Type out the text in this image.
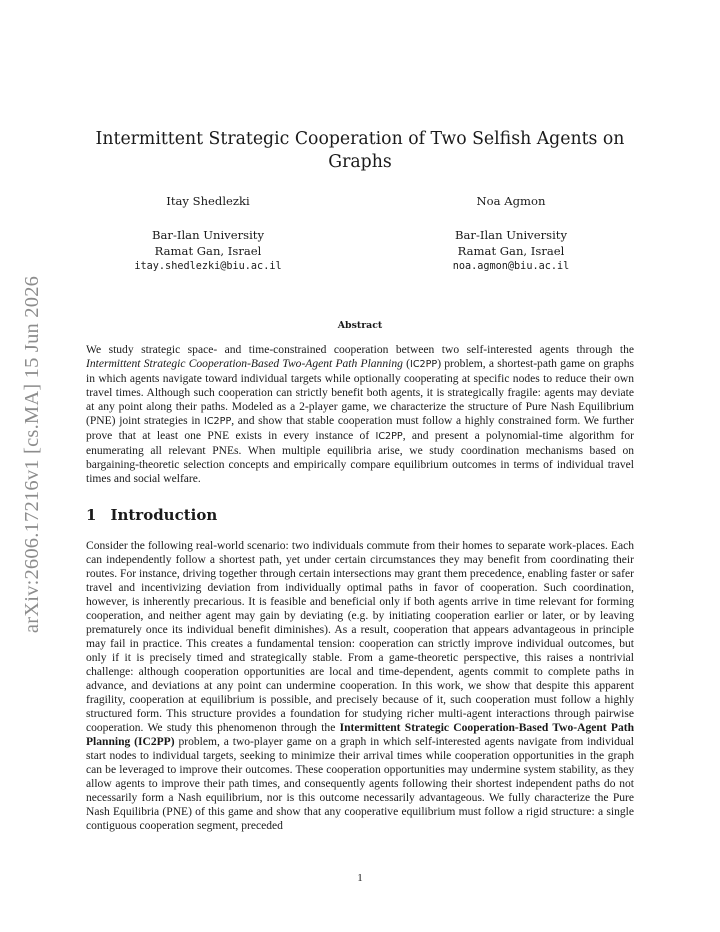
arXiv:2606.17216v1 [cs.MA] 15 Jun 2026
Intermittent Strategic Cooperation of Two Selfish Agents on Graphs
Itay Shedlezki
Bar-Ilan University
Ramat Gan, Israel
itay.shedlezki@biu.ac.il
Noa Agmon
Bar-Ilan University
Ramat Gan, Israel
noa.agmon@biu.ac.il
Abstract
We study strategic space- and time-constrained cooperation between two self-interested agents through the Intermittent Strategic Cooperation-Based Two-Agent Path Planning (IC2PP) problem, a shortest-path game on graphs in which agents navigate toward individual targets while optionally cooperating at specific nodes to reduce their own travel times. Although such cooperation can strictly benefit both agents, it is strategically fragile: agents may deviate at any point along their paths. Modeled as a 2-player game, we characterize the structure of Pure Nash Equilibrium (PNE) joint strategies in IC2PP, and show that stable cooperation must follow a highly constrained form. We further prove that at least one PNE exists in every instance of IC2PP, and present a polynomial-time algorithm for enumerating all relevant PNEs. When multiple equilibria arise, we study coordination mechanisms based on bargaining-theoretic selection concepts and empirically compare equilibrium outcomes in terms of individual travel times and social welfare.
1 Introduction
Consider the following real-world scenario: two individuals commute from their homes to separate work-places. Each can independently follow a shortest path, yet under certain circumstances they may benefit from coordinating their routes. For instance, driving together through certain intersections may grant them precedence, enabling faster or safer travel and incentivizing deviation from individually optimal paths in favor of cooperation. Such coordination, however, is inherently precarious. It is feasible and beneficial only if both agents arrive in time relevant for forming cooperation, and neither agent may gain by deviating (e.g. by initiating cooperation earlier or later, or by leaving prematurely once its individual benefit diminishes). As a result, cooperation that appears advantageous in principle may fail in practice. This creates a fundamental tension: cooperation can strictly improve individual outcomes, but only if it is precisely timed and strategically stable. From a game-theoretic perspective, this raises a nontrivial challenge: although cooperation opportunities are local and time-dependent, agents commit to complete paths in advance, and deviations at any point can undermine cooperation. In this work, we show that despite this apparent fragility, cooperation at equilibrium is possible, and precisely because of it, such cooperation must follow a highly structured form. This structure provides a foundation for studying richer multi-agent interactions through pairwise cooperation. We study this phenomenon through the Intermittent Strategic Cooperation-Based Two-Agent Path Planning (IC2PP) problem, a two-player game on a graph in which self-interested agents navigate from individual start nodes to individual targets, seeking to minimize their arrival times while cooperation opportunities in the graph can be leveraged to improve their outcomes. These cooperation opportunities may undermine system stability, as they allow agents to improve their path times, and consequently agents following their shortest independent paths do not necessarily form a Nash equilibrium, nor is this outcome necessarily advantageous. We fully characterize the Pure Nash Equilibria (PNE) of this game and show that any cooperative equilibrium must follow a rigid structure: a single contiguous cooperation segment, preceded
1
